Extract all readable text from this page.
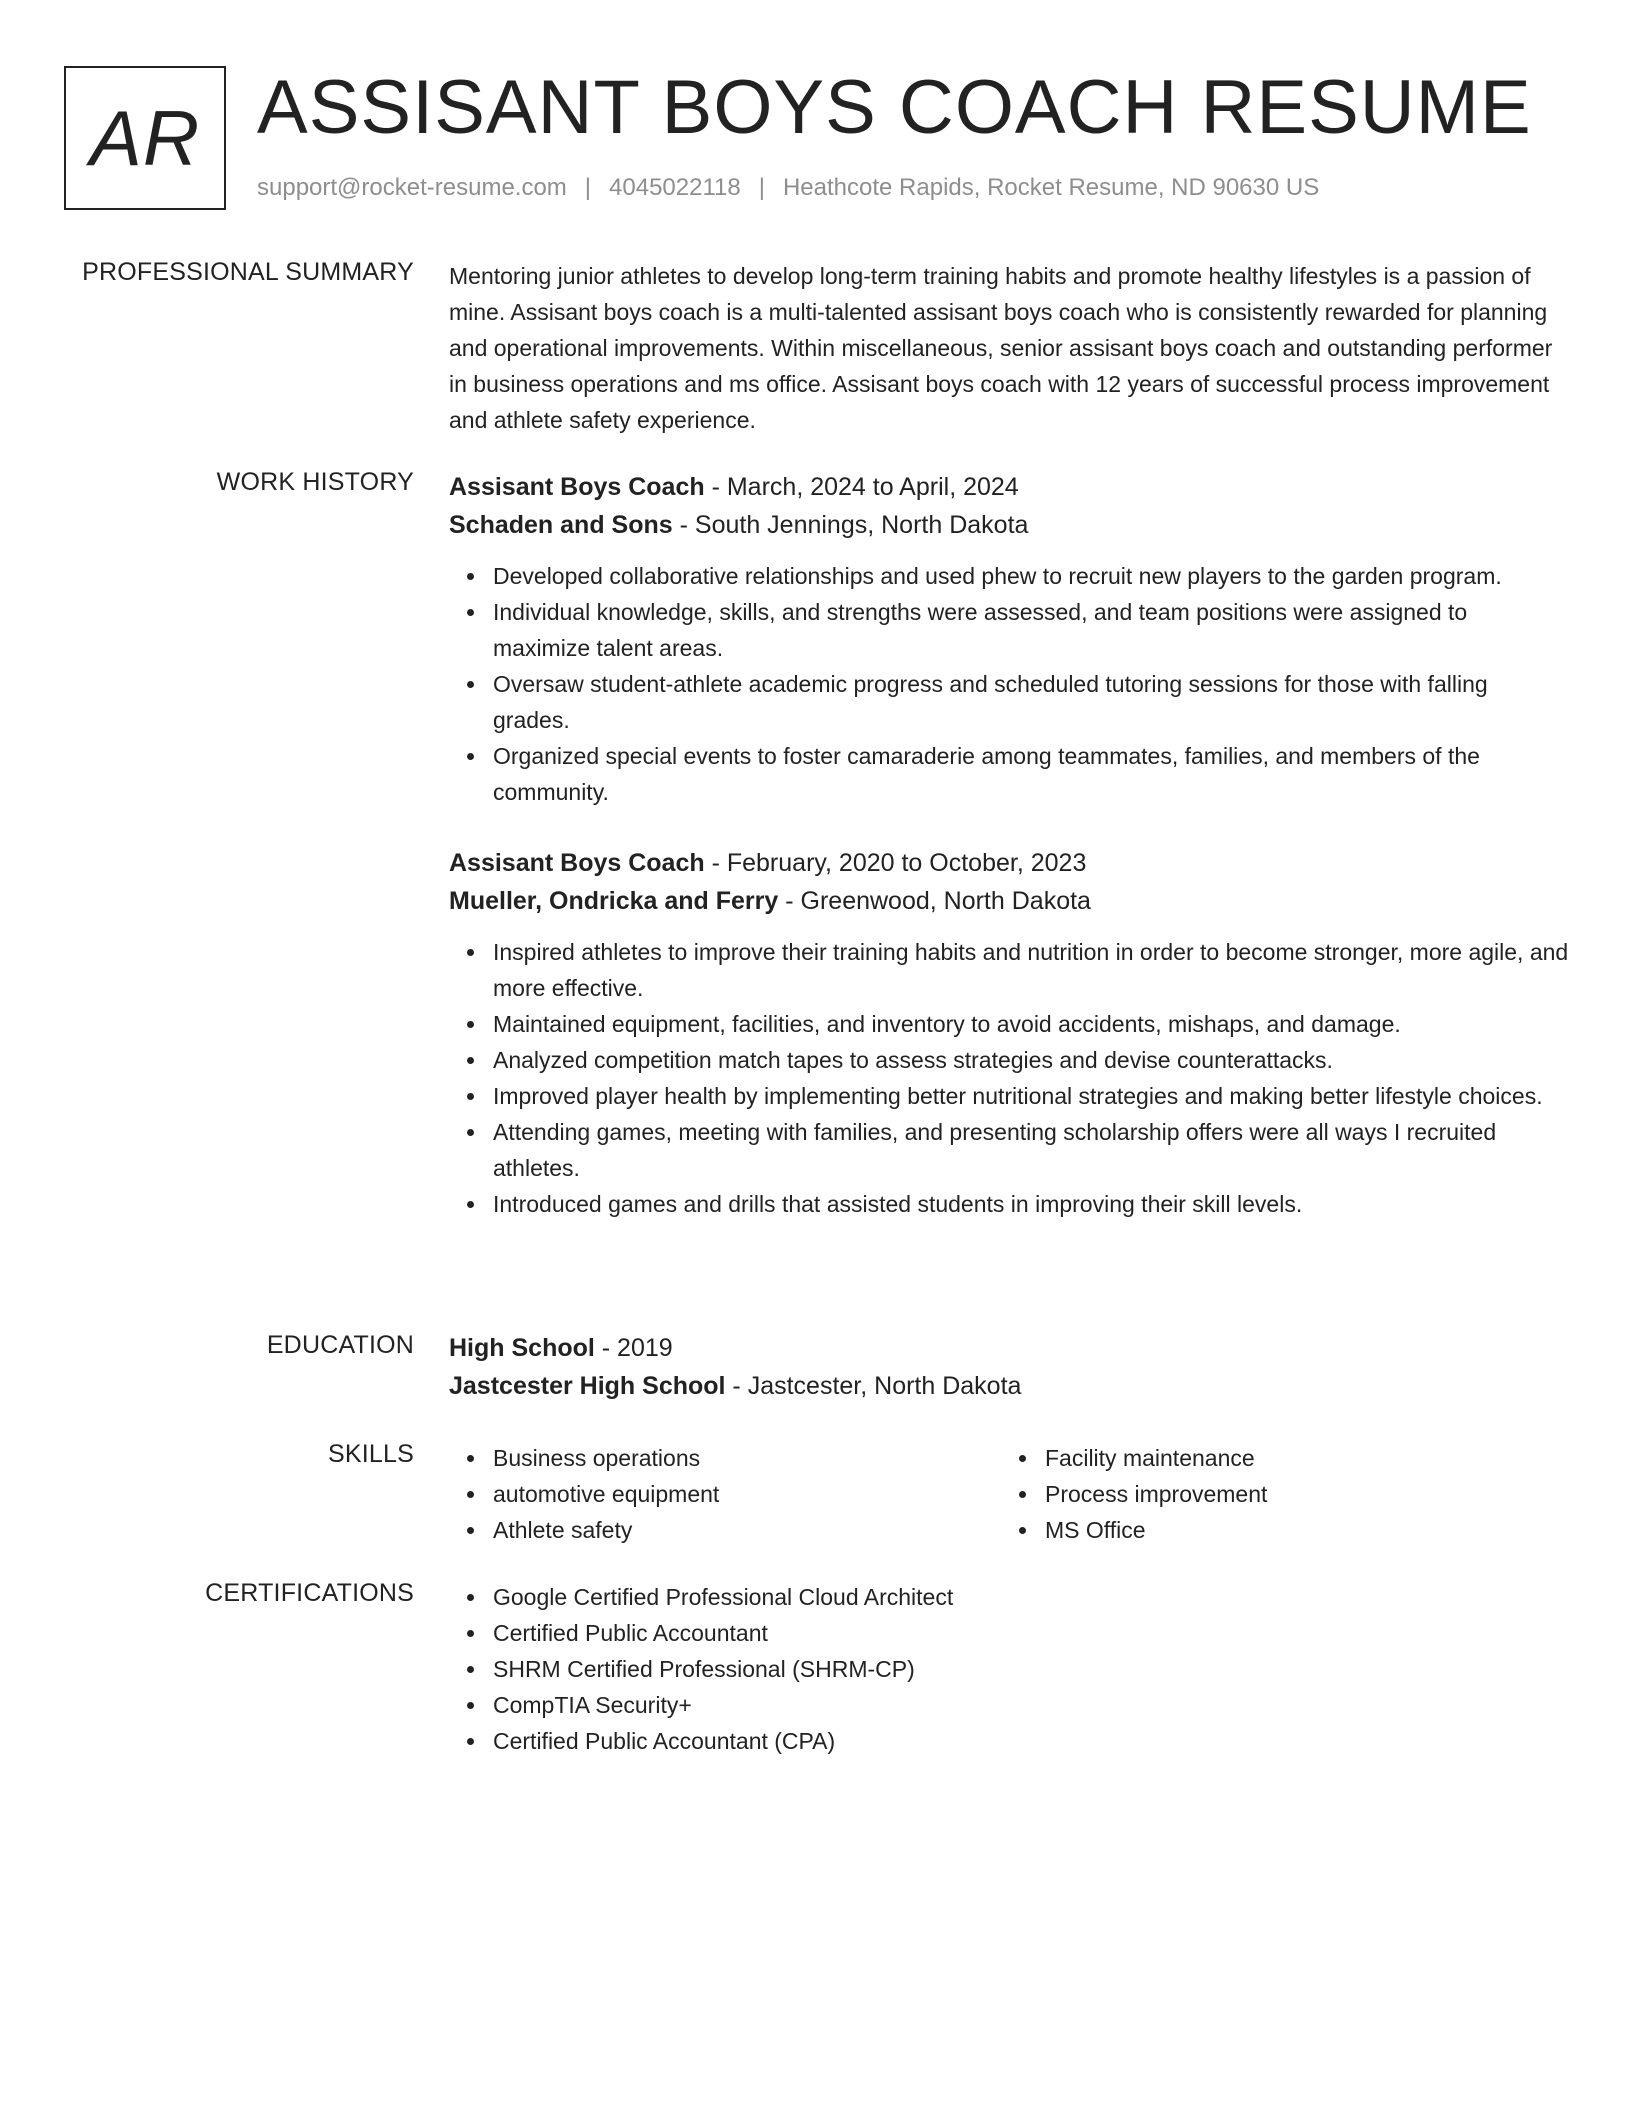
AR ASSISANT BOYS COACH RESUME
support@rocket-resume.com | 4045022118 | Heathcote Rapids, Rocket Resume, ND 90630 US
PROFESSIONAL SUMMARY Mentoring junior athletes to develop long-term training habits and promote healthy lifestyles is a passion of mine. Assisant boys coach is a multi-talented assisant boys coach who is consistently rewarded for planning and operational improvements. Within miscellaneous, senior assisant boys coach and outstanding performer in business operations and ms office. Assisant boys coach with 12 years of successful process improvement and athlete safety experience.
WORK HISTORY Assisant Boys Coach - March, 2024 to April, 2024
Schaden and Sons - South Jennings, North Dakota
Developed collaborative relationships and used phew to recruit new players to the garden program.
Individual knowledge, skills, and strengths were assessed, and team positions were assigned to maximize talent areas.
Oversaw student-athlete academic progress and scheduled tutoring sessions for those with falling grades.
Organized special events to foster camaraderie among teammates, families, and members of the community.
Assisant Boys Coach - February, 2020 to October, 2023
Mueller, Ondricka and Ferry - Greenwood, North Dakota
Inspired athletes to improve their training habits and nutrition in order to become stronger, more agile, and more effective.
Maintained equipment, facilities, and inventory to avoid accidents, mishaps, and damage.
Analyzed competition match tapes to assess strategies and devise counterattacks.
Improved player health by implementing better nutritional strategies and making better lifestyle choices.
Attending games, meeting with families, and presenting scholarship offers were all ways I recruited athletes.
Introduced games and drills that assisted students in improving their skill levels.
EDUCATION High School - 2019
Jastcester High School - Jastcester, North Dakota
SKILLS	Business operations
automotive equipment
Athlete safety
Facility maintenance
Process improvement
MS Office
CERTIFICATIONS	Google Certified Professional Cloud Architect
Certified Public Accountant
SHRM Certified Professional (SHRM-CP)
CompTIA Security+
Certified Public Accountant (CPA)
